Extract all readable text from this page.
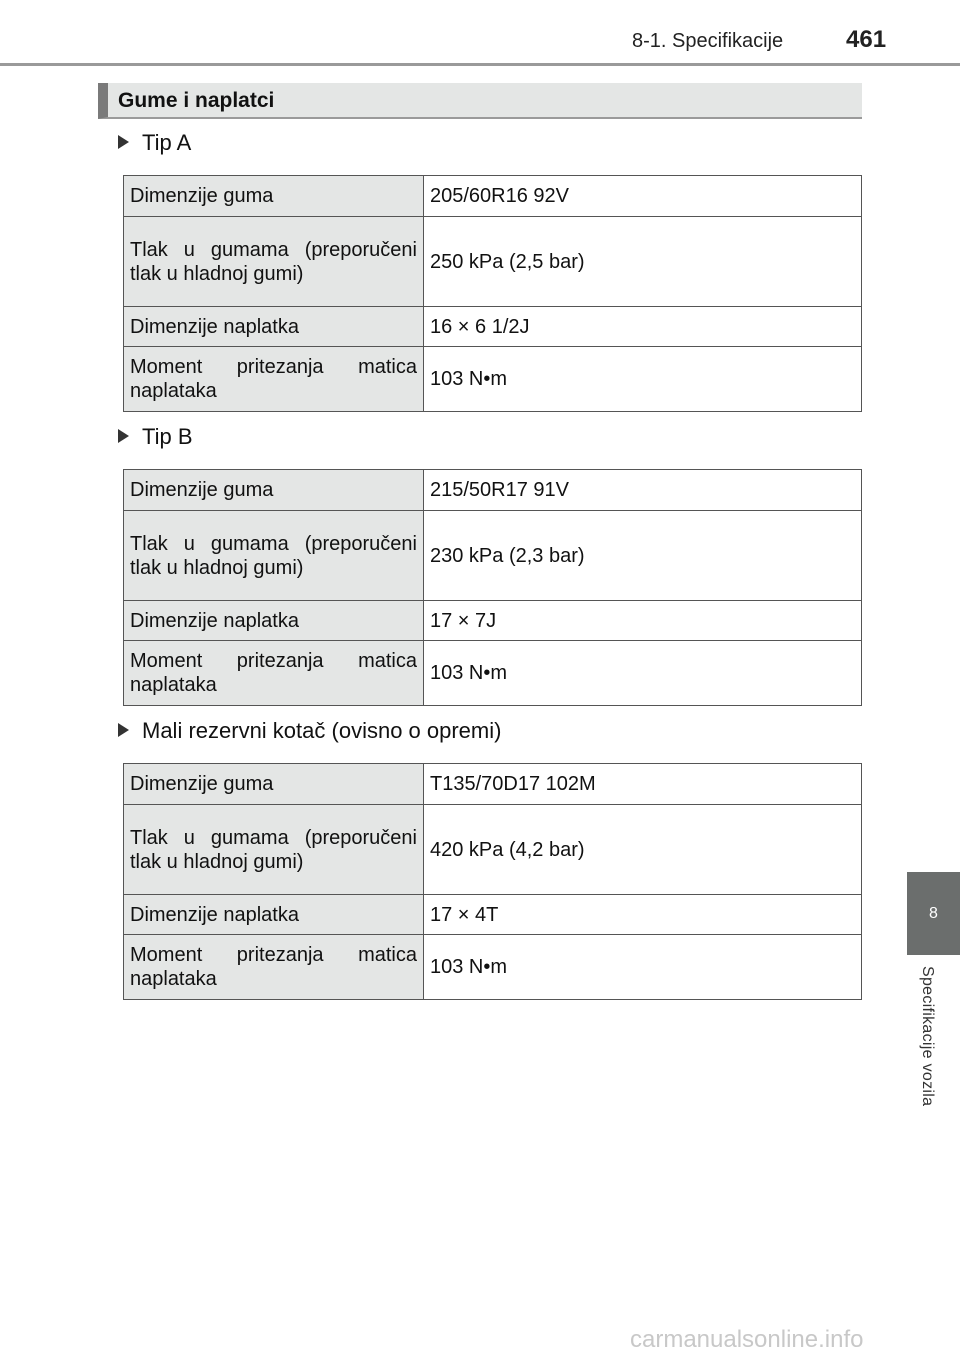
8-1. Specifikacije	461
Gume i naplatci
Tip A
Dimenzije guma	205/60R16 92V
Tlak u gumama (preporučeni tlak u hladnoj gumi)	250 kPa (2,5 bar)
Dimenzije naplatka	16 × 6 1/2J
Moment pritezanja matica naplataka	103 N•m
Tip B
Dimenzije guma	215/50R17 91V
Tlak u gumama (preporučeni tlak u hladnoj gumi)	230 kPa (2,3 bar)
Dimenzije naplatka	17 × 7J
Moment pritezanja matica naplataka	103 N•m
Mali rezervni kotač (ovisno o opremi)
Dimenzije guma	T135/70D17 102M
Tlak u gumama (preporučeni tlak u hladnoj gumi)	420 kPa (4,2 bar)
Dimenzije naplatka	17 × 4T
Moment pritezanja matica naplataka	103 N•m
8
Specifikacije vozila
carmanualsonline.info
